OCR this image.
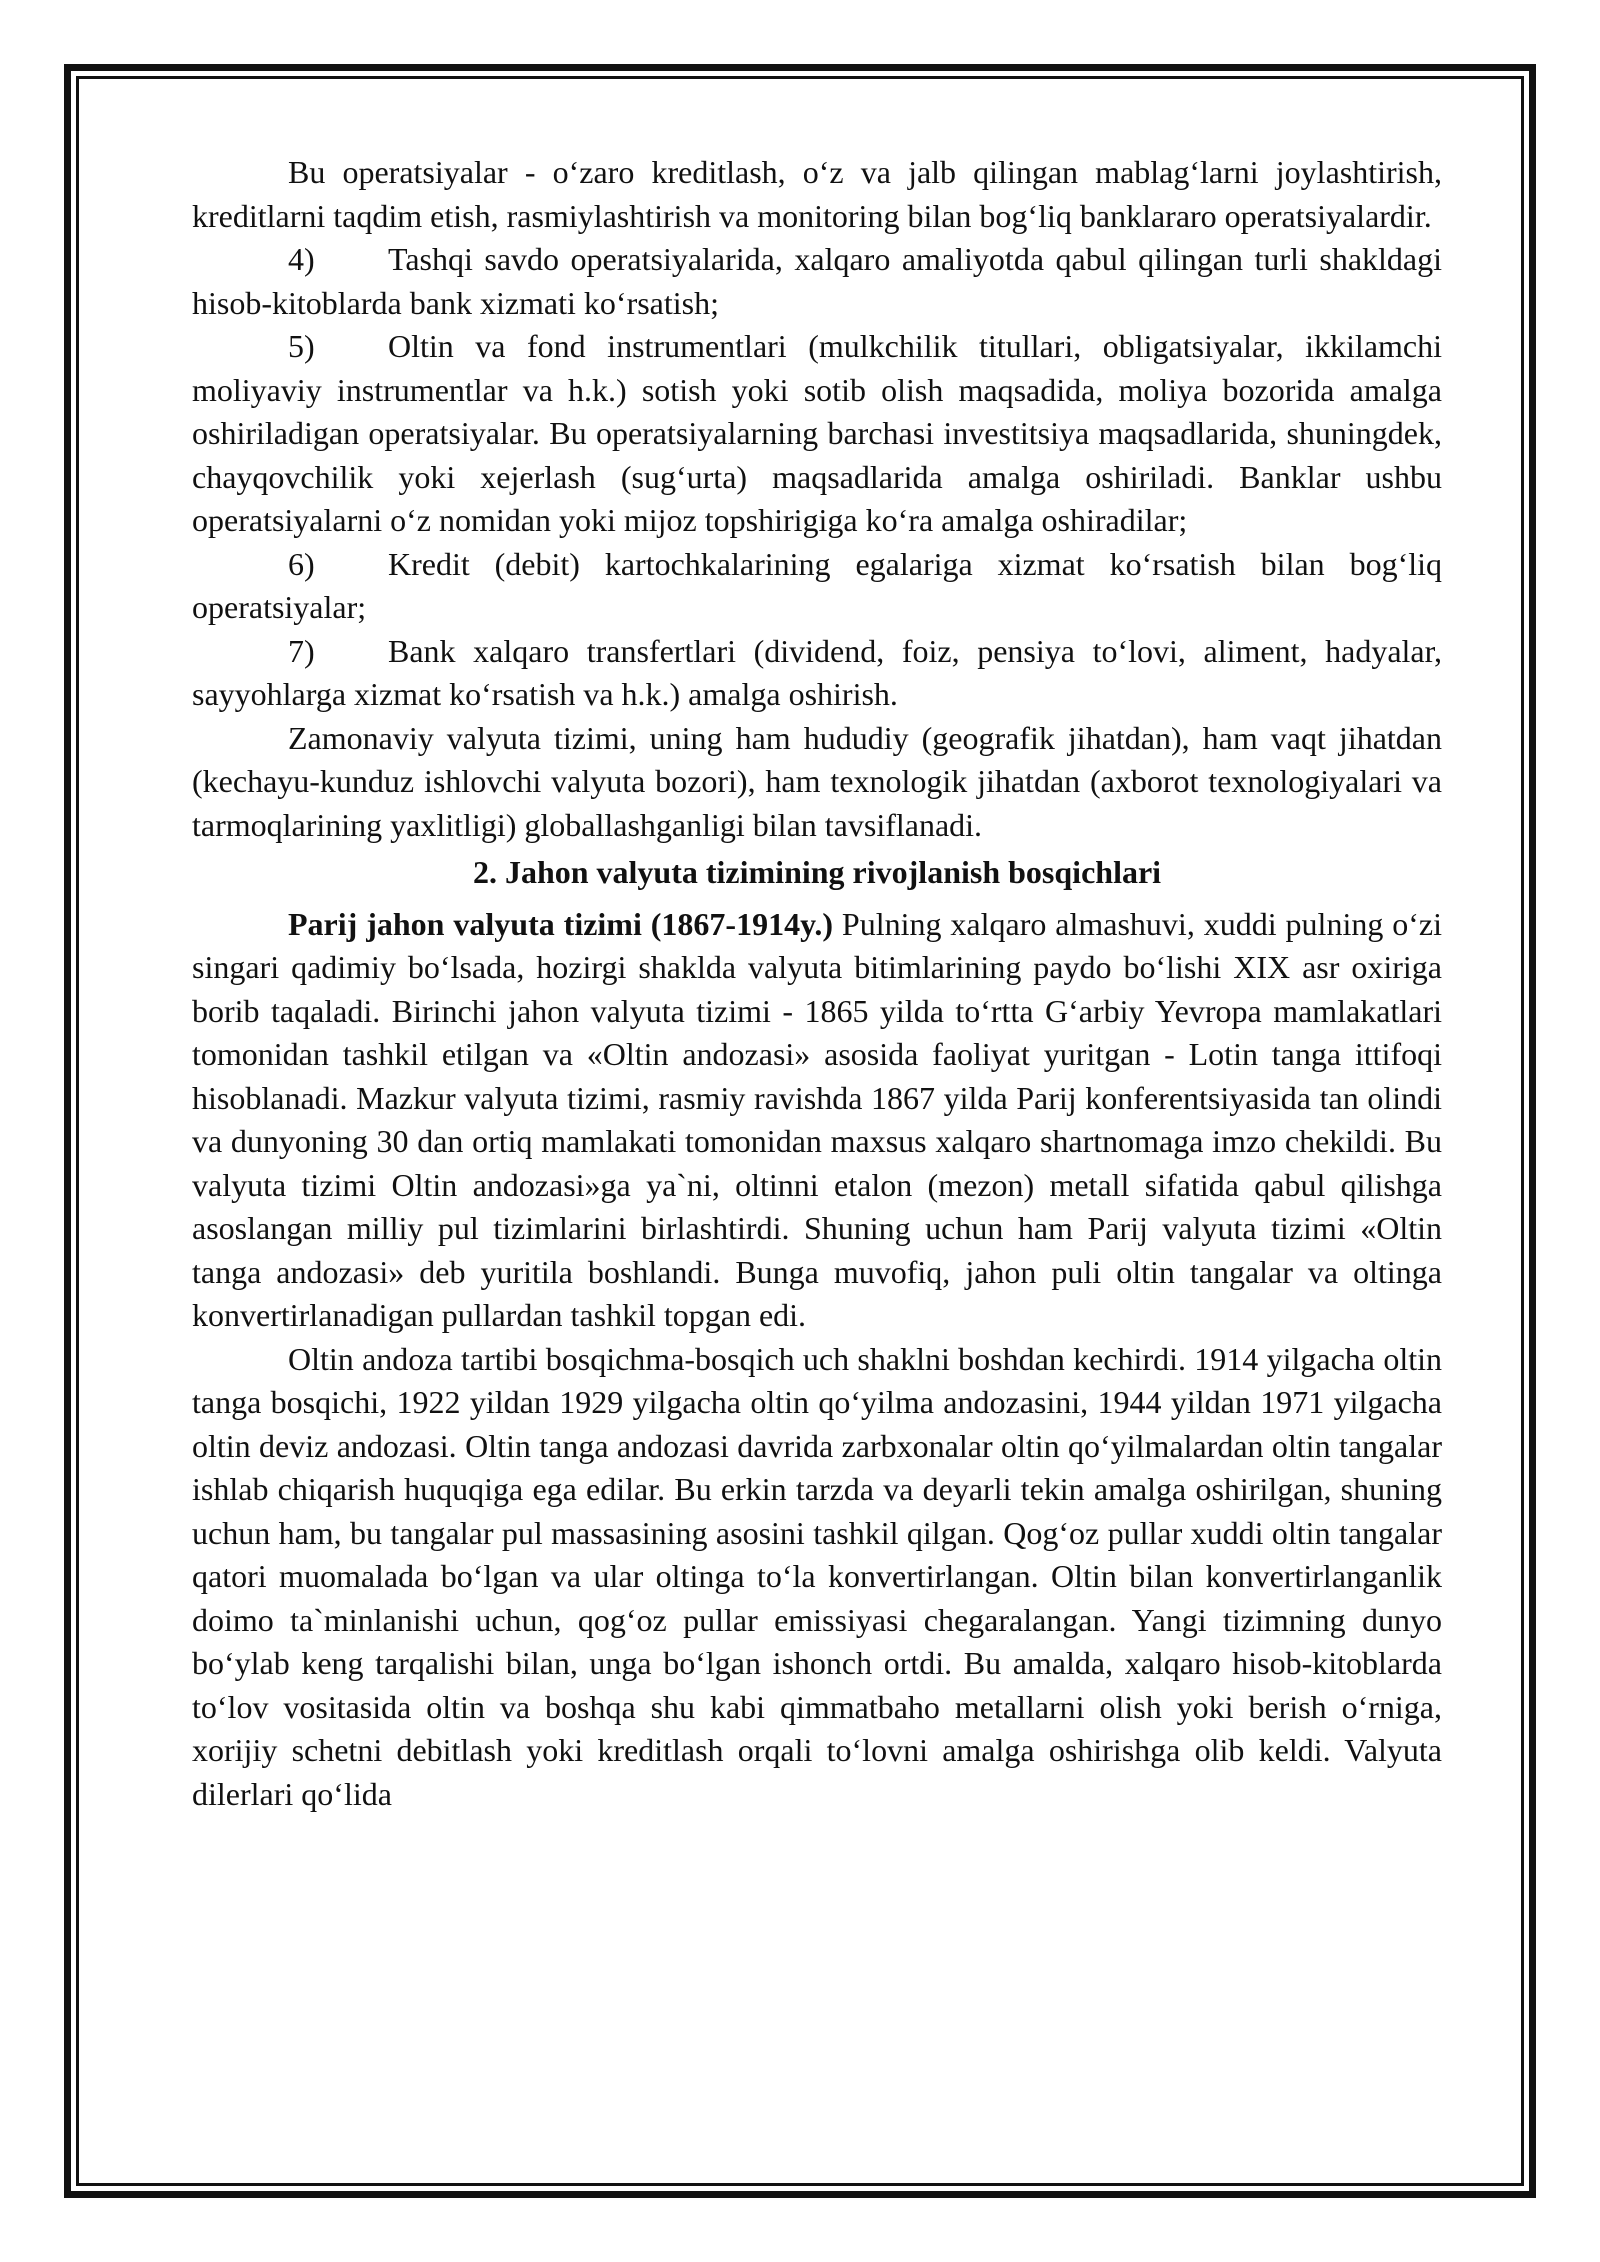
Bu operatsiyalar - o‘zaro kreditlash, o‘z va jalb qilingan mablag‘larni joylashtirish, kreditlarni taqdim etish, rasmiylashtirish va monitoring bilan bog‘liq banklararo operatsiyalardir.

4) Tashqi savdo operatsiyalarida, xalqaro amaliyotda qabul qilingan turli shakldagi hisob-kitoblarda bank xizmati ko‘rsatish;

5) Oltin va fond instrumentlari (mulkchilik titullari, obligatsiyalar, ikkilamchi moliyaviy instrumentlar va h.k.) sotish yoki sotib olish maqsadida, moliya bozorida amalga oshiriladigan operatsiyalar. Bu operatsiyalarning barchasi investitsiya maqsadlarida, shuningdek, chayqovchilik yoki xejerlash (sug‘urta) maqsadlarida amalga oshiriladi. Banklar ushbu operatsiyalarni o‘z nomidan yoki mijoz topshirigiga ko‘ra amalga oshiradilar;

6) Kredit (debit) kartochkalarining egalariga xizmat ko‘rsatish bilan bog‘liq operatsiyalar;

7) Bank xalqaro transfertlari (dividend, foiz, pensiya to‘lovi, aliment, hadyalar, sayyohlarga xizmat ko‘rsatish va h.k.) amalga oshirish.

Zamonaviy valyuta tizimi, uning ham hududiy (geografik jihatdan), ham vaqt jihatdan (kechayu-kunduz ishlovchi valyuta bozori), ham texnologik jihatdan (axborot texnologiyalari va tarmoqlarining yaxlitligi) globallashganligi bilan tavsiflanadi.

2. Jahon valyuta tizimining rivojlanish bosqichlari

Parij jahon valyuta tizimi (1867-1914y.) Pulning xalqaro almashuvi, xuddi pulning o‘zi singari qadimiy bo‘lsada, hozirgi shaklda valyuta bitimlarining paydo bo‘lishi XIX asr oxiriga borib taqaladi. Birinchi jahon valyuta tizimi - 1865 yilda to‘rtta G‘arbiy Yevropa mamlakatlari tomonidan tashkil etilgan va «Oltin andozasi» asosida faoliyat yuritgan - Lotin tanga ittifoqi hisoblanadi. Mazkur valyuta tizimi, rasmiy ravishda 1867 yilda Parij konferentsiyasida tan olindi va dunyoning 30 dan ortiq mamlakati tomonidan maxsus xalqaro shartnomaga imzo chekildi. Bu valyuta tizimi Oltin andozasi»ga ya`ni, oltinni etalon (mezon) metall sifatida qabul qilishga asoslangan milliy pul tizimlarini birlashtirdi. Shuning uchun ham Parij valyuta tizimi «Oltin tanga andozasi» deb yuritila boshlandi. Bunga muvofiq, jahon puli oltin tangalar va oltinga konvertirlanadigan pullardan tashkil topgan edi.

Oltin andoza tartibi bosqichma-bosqich uch shaklni boshdan kechirdi. 1914 yilgacha oltin tanga bosqichi, 1922 yildan 1929 yilgacha oltin qo‘yilma andozasini, 1944 yildan 1971 yilgacha oltin deviz andozasi. Oltin tanga andozasi davrida zarbxonalar oltin qo‘yilmalardan oltin tangalar ishlab chiqarish huquqiga ega edilar. Bu erkin tarzda va deyarli tekin amalga oshirilgan, shuning uchun ham, bu tangalar pul massasining asosini tashkil qilgan. Qog‘oz pullar xuddi oltin tangalar qatori muomalada bo‘lgan va ular oltinga to‘la konvertirlangan. Oltin bilan konvertirlanganlik doimo ta`minlanishi uchun, qog‘oz pullar emissiyasi chegaralangan. Yangi tizimning dunyo bo‘ylab keng tarqalishi bilan, unga bo‘lgan ishonch ortdi. Bu amalda, xalqaro hisob-kitoblarda to‘lov vositasida oltin va boshqa shu kabi qimmatbaho metallarni olish yoki berish o‘rniga, xorijiy schetni debitlash yoki kreditlash orqali to‘lovni amalga oshirishga olib keldi. Valyuta dilerlari qo‘lida
